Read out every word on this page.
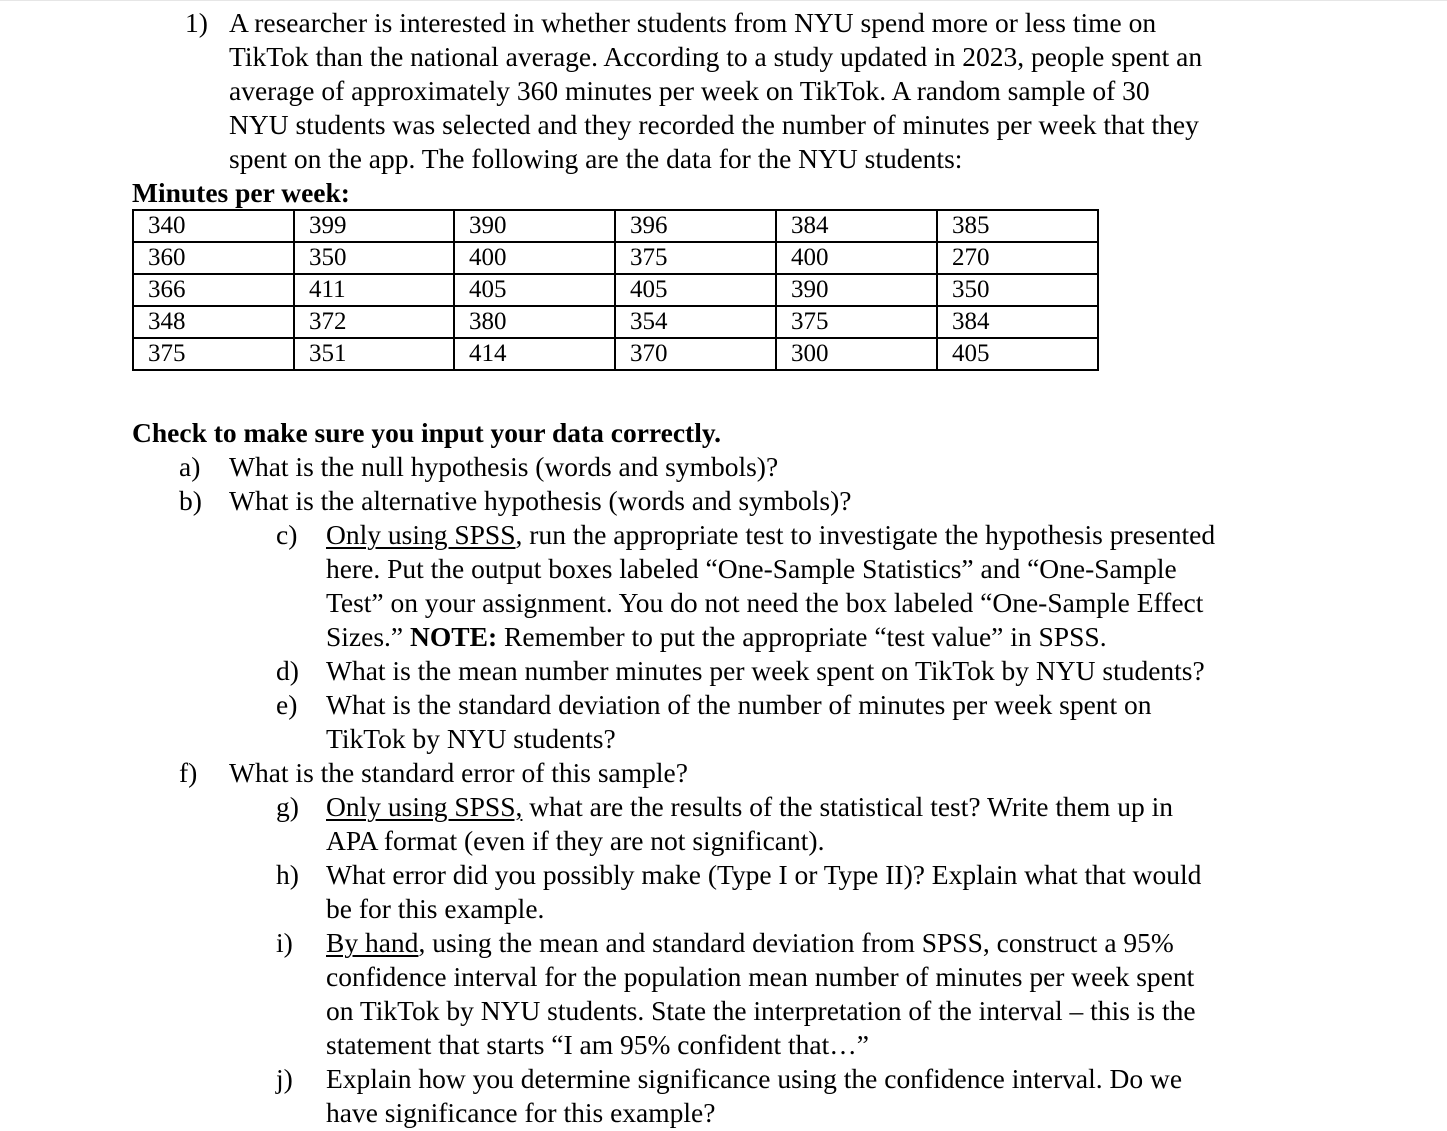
1) A researcher is interested in whether students from NYU spend more or less time on
TikTok than the national average. According to a study updated in 2023, people spent an
average of approximately 360 minutes per week on TikTok. A random sample of 30
NYU students was selected and they recorded the number of minutes per week that they
spent on the app. The following are the data for the NYU students:
Minutes per week:
340	399	390	396	384	385
360	350	400	375	400	270
366	411	405	405	390	350
348	372	380	354	375	384
375	351	414	370	300	405
Check to make sure you input your data correctly.
a) What is the null hypothesis (words and symbols)?
b) What is the alternative hypothesis (words and symbols)?
c) Only using SPSS, run the appropriate test to investigate the hypothesis presented
here. Put the output boxes labeled “One-Sample Statistics” and “One-Sample
Test” on your assignment. You do not need the box labeled “One-Sample Effect
Sizes.” NOTE: Remember to put the appropriate “test value” in SPSS.
d) What is the mean number minutes per week spent on TikTok by NYU students?
e) What is the standard deviation of the number of minutes per week spent on
TikTok by NYU students?
f) What is the standard error of this sample?
g) Only using SPSS, what are the results of the statistical test? Write them up in
APA format (even if they are not significant).
h) What error did you possibly make (Type I or Type II)? Explain what that would
be for this example.
i) By hand, using the mean and standard deviation from SPSS, construct a 95%
confidence interval for the population mean number of minutes per week spent
on TikTok by NYU students. State the interpretation of the interval – this is the
statement that starts “I am 95% confident that…”
j) Explain how you determine significance using the confidence interval. Do we
have significance for this example?
